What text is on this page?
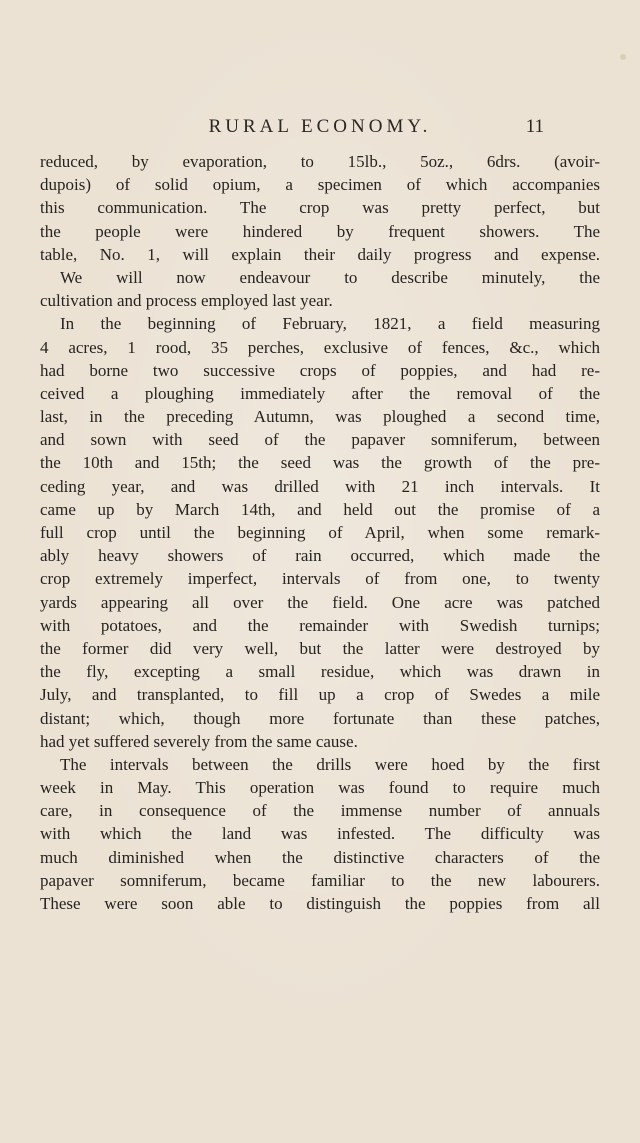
RURAL ECONOMY.	11
reduced, by evaporation, to 15lb., 5oz., 6drs. (avoir-
dupois) of solid opium, a specimen of which accompanies
this communication. The crop was pretty perfect, but
the people were hindered by frequent showers. The
table, No. 1, will explain their daily progress and expense.
We will now endeavour to describe minutely, the
cultivation and process employed last year.
In the beginning of February, 1821, a field measuring
4 acres, 1 rood, 35 perches, exclusive of fences, &c., which
had borne two successive crops of poppies, and had re-
ceived a ploughing immediately after the removal of the
last, in the preceding Autumn, was ploughed a second time,
and sown with seed of the papaver somniferum, between
the 10th and 15th; the seed was the growth of the pre-
ceding year, and was drilled with 21 inch intervals. It
came up by March 14th, and held out the promise of a
full crop until the beginning of April, when some remark-
ably heavy showers of rain occurred, which made the
crop extremely imperfect, intervals of from one, to twenty
yards appearing all over the field. One acre was patched
with potatoes, and the remainder with Swedish turnips;
the former did very well, but the latter were destroyed by
the fly, excepting a small residue, which was drawn in
July, and transplanted, to fill up a crop of Swedes a mile
distant; which, though more fortunate than these patches,
had yet suffered severely from the same cause.
The intervals between the drills were hoed by the first
week in May. This operation was found to require much
care, in consequence of the immense number of annuals
with which the land was infested. The difficulty was
much diminished when the distinctive characters of the
papaver somniferum, became familiar to the new labourers.
These were soon able to distinguish the poppies from all
